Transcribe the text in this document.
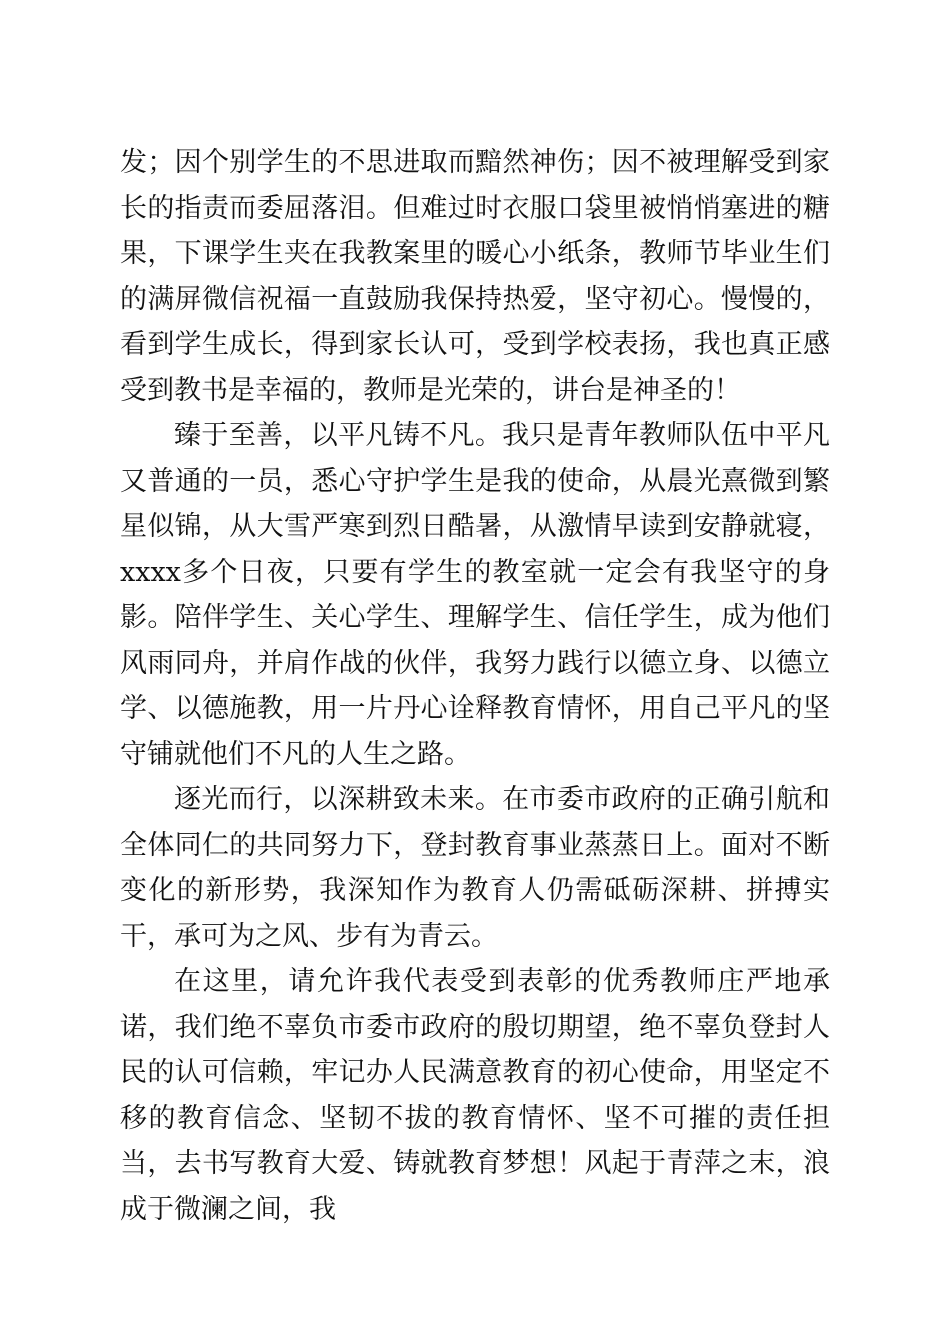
发；因个别学生的不思进取而黯然神伤；因不被理解受到家长的指责而委屈落泪。但难过时衣服口袋里被悄悄塞进的糖果，下课学生夹在我教案里的暖心小纸条，教师节毕业生们的满屏微信祝福一直鼓励我保持热爱，坚守初心。慢慢的，看到学生成长，得到家长认可，受到学校表扬，我也真正感受到教书是幸福的，教师是光荣的，讲台是神圣的！

臻于至善，以平凡铸不凡。我只是青年教师队伍中平凡又普通的一员，悉心守护学生是我的使命，从晨光熹微到繁星似锦，从大雪严寒到烈日酷暑，从激情早读到安静就寝，xxxx多个日夜，只要有学生的教室就一定会有我坚守的身影。陪伴学生、关心学生、理解学生、信任学生，成为他们风雨同舟，并肩作战的伙伴，我努力践行以德立身、以德立学、以德施教，用一片丹心诠释教育情怀，用自己平凡的坚守铺就他们不凡的人生之路。

逐光而行，以深耕致未来。在市委市政府的正确引航和全体同仁的共同努力下，登封教育事业蒸蒸日上。面对不断变化的新形势，我深知作为教育人仍需砥砺深耕、拼搏实干，承可为之风、步有为青云。

在这里，请允许我代表受到表彰的优秀教师庄严地承诺，我们绝不辜负市委市政府的殷切期望，绝不辜负登封人民的认可信赖，牢记办人民满意教育的初心使命，用坚定不移的教育信念、坚韧不拔的教育情怀、坚不可摧的责任担当，去书写教育大爱、铸就教育梦想！风起于青萍之末，浪成于微澜之间，我
